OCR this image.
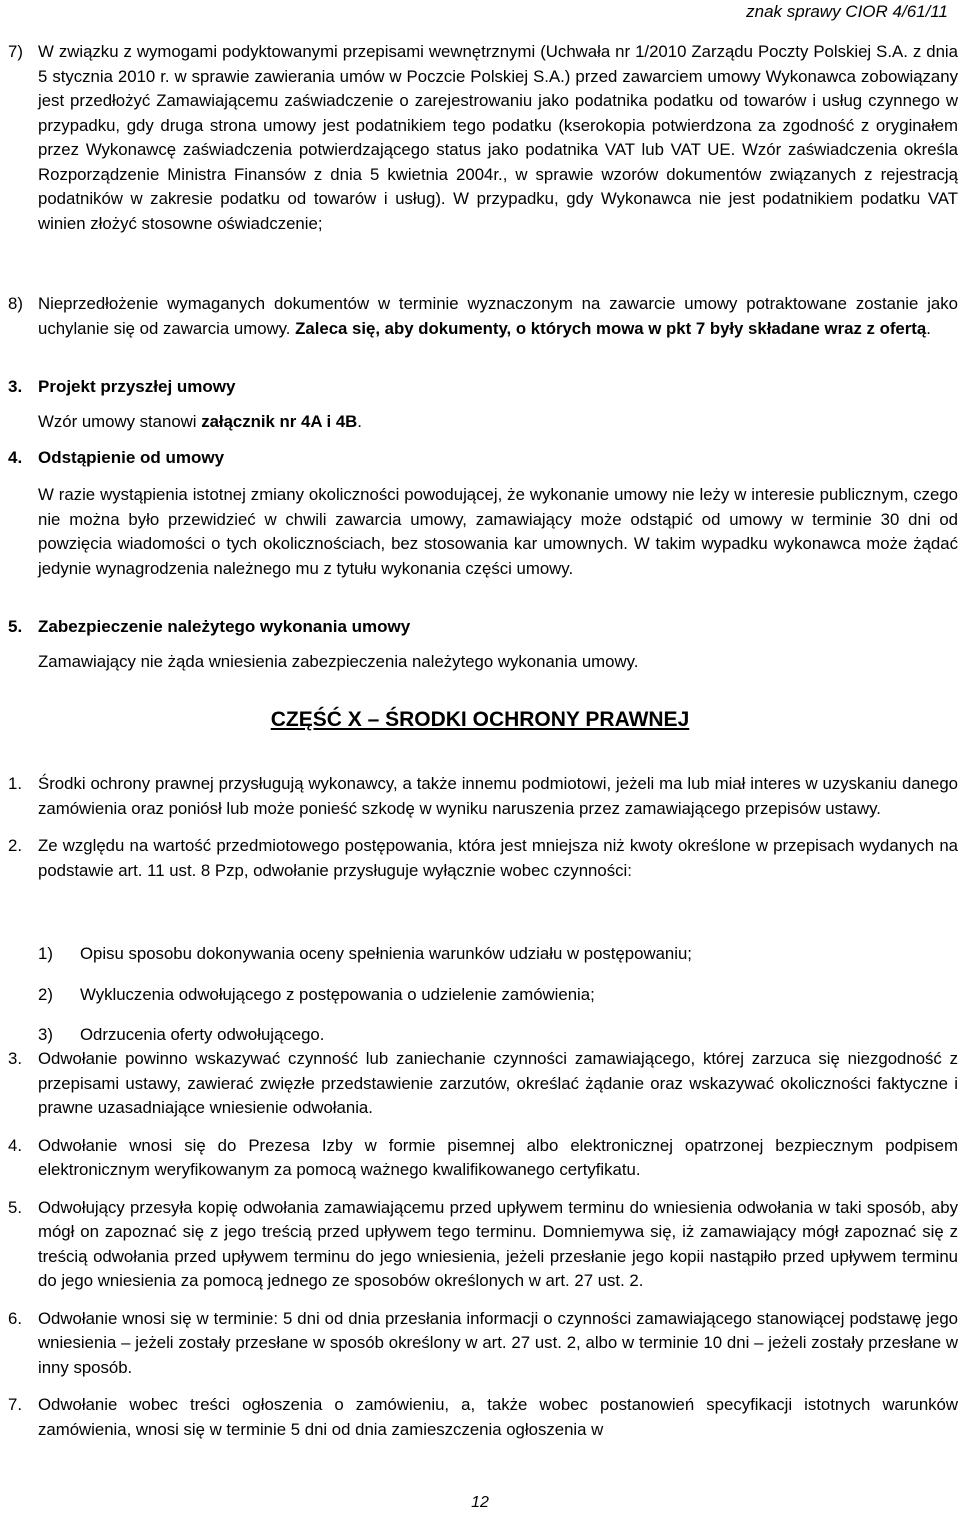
znak sprawy CIOR 4/61/11
7) W związku z wymogami podyktowanymi przepisami wewnętrznymi (Uchwała nr 1/2010 Zarządu Poczty Polskiej S.A. z dnia 5 stycznia 2010 r. w sprawie zawierania umów w Poczcie Polskiej S.A.) przed zawarciem umowy Wykonawca zobowiązany jest przedłożyć Zamawiającemu zaświadczenie o zarejestrowaniu jako podatnika podatku od towarów i usług czynnego w przypadku, gdy druga strona umowy jest podatnikiem tego podatku (kserokopia potwierdzona za zgodność z oryginałem przez Wykonawcę zaświadczenia potwierdzającego status jako podatnika VAT lub VAT UE. Wzór zaświadczenia określa Rozporządzenie Ministra Finansów z dnia 5 kwietnia 2004r., w sprawie wzorów dokumentów związanych z rejestracją podatników w zakresie podatku od towarów i usług). W przypadku, gdy Wykonawca nie jest podatnikiem podatku VAT winien złożyć stosowne oświadczenie;
8) Nieprzedłożenie wymaganych dokumentów w terminie wyznaczonym na zawarcie umowy potraktowane zostanie jako uchylanie się od zawarcia umowy. Zaleca się, aby dokumenty, o których mowa w pkt 7 były składane wraz z ofertą.
3. Projekt przyszłej umowy
Wzór umowy stanowi załącznik nr 4A i 4B.
4. Odstąpienie od umowy
W razie wystąpienia istotnej zmiany okoliczności powodującej, że wykonanie umowy nie leży w interesie publicznym, czego nie można było przewidzieć w chwili zawarcia umowy, zamawiający może odstąpić od umowy w terminie 30 dni od powzięcia wiadomości o tych okolicznościach, bez stosowania kar umownych. W takim wypadku wykonawca może żądać jedynie wynagrodzenia należnego mu z tytułu wykonania części umowy.
5. Zabezpieczenie należytego wykonania umowy
Zamawiający nie żąda wniesienia zabezpieczenia należytego wykonania umowy.
CZĘŚĆ X – ŚRODKI OCHRONY PRAWNEJ
1. Środki ochrony prawnej przysługują wykonawcy, a także innemu podmiotowi, jeżeli ma lub miał interes w uzyskaniu danego zamówienia oraz poniósł lub może ponieść szkodę w wyniku naruszenia przez zamawiającego przepisów ustawy.
2. Ze względu na wartość przedmiotowego postępowania, która jest mniejsza niż kwoty określone w przepisach wydanych na podstawie art. 11 ust. 8 Pzp, odwołanie przysługuje wyłącznie wobec czynności:
1)	Opisu sposobu dokonywania oceny spełnienia warunków udziału w postępowaniu;
2)	Wykluczenia odwołującego z postępowania o udzielenie zamówienia;
3)	Odrzucenia oferty odwołującego.
3. Odwołanie powinno wskazywać czynność lub zaniechanie czynności zamawiającego, której zarzuca się niezgodność z przepisami ustawy, zawierać zwięzłe przedstawienie zarzutów, określać żądanie oraz wskazywać okoliczności faktyczne i prawne uzasadniające wniesienie odwołania.
4. Odwołanie wnosi się do Prezesa Izby w formie pisemnej albo elektronicznej opatrzonej bezpiecznym podpisem elektronicznym weryfikowanym za pomocą ważnego kwalifikowanego certyfikatu.
5. Odwołujący przesyła kopię odwołania zamawiającemu przed upływem terminu do wniesienia odwołania w taki sposób, aby mógł on zapoznać się z jego treścią przed upływem tego terminu. Domniemywa się, iż zamawiający mógł zapoznać się z treścią odwołania przed upływem terminu do jego wniesienia, jeżeli przesłanie jego kopii nastąpiło przed upływem terminu do jego wniesienia za pomocą jednego ze sposobów określonych w art. 27 ust. 2.
6. Odwołanie wnosi się w terminie: 5 dni od dnia przesłania informacji o czynności zamawiającego stanowiącej podstawę jego wniesienia – jeżeli zostały przesłane w sposób określony w art. 27 ust. 2, albo w terminie 10 dni – jeżeli zostały przesłane w inny sposób.
7. Odwołanie wobec treści ogłoszenia o zamówieniu, a, także wobec postanowień specyfikacji istotnych warunków zamówienia, wnosi się w terminie 5 dni od dnia zamieszczenia ogłoszenia w
12
